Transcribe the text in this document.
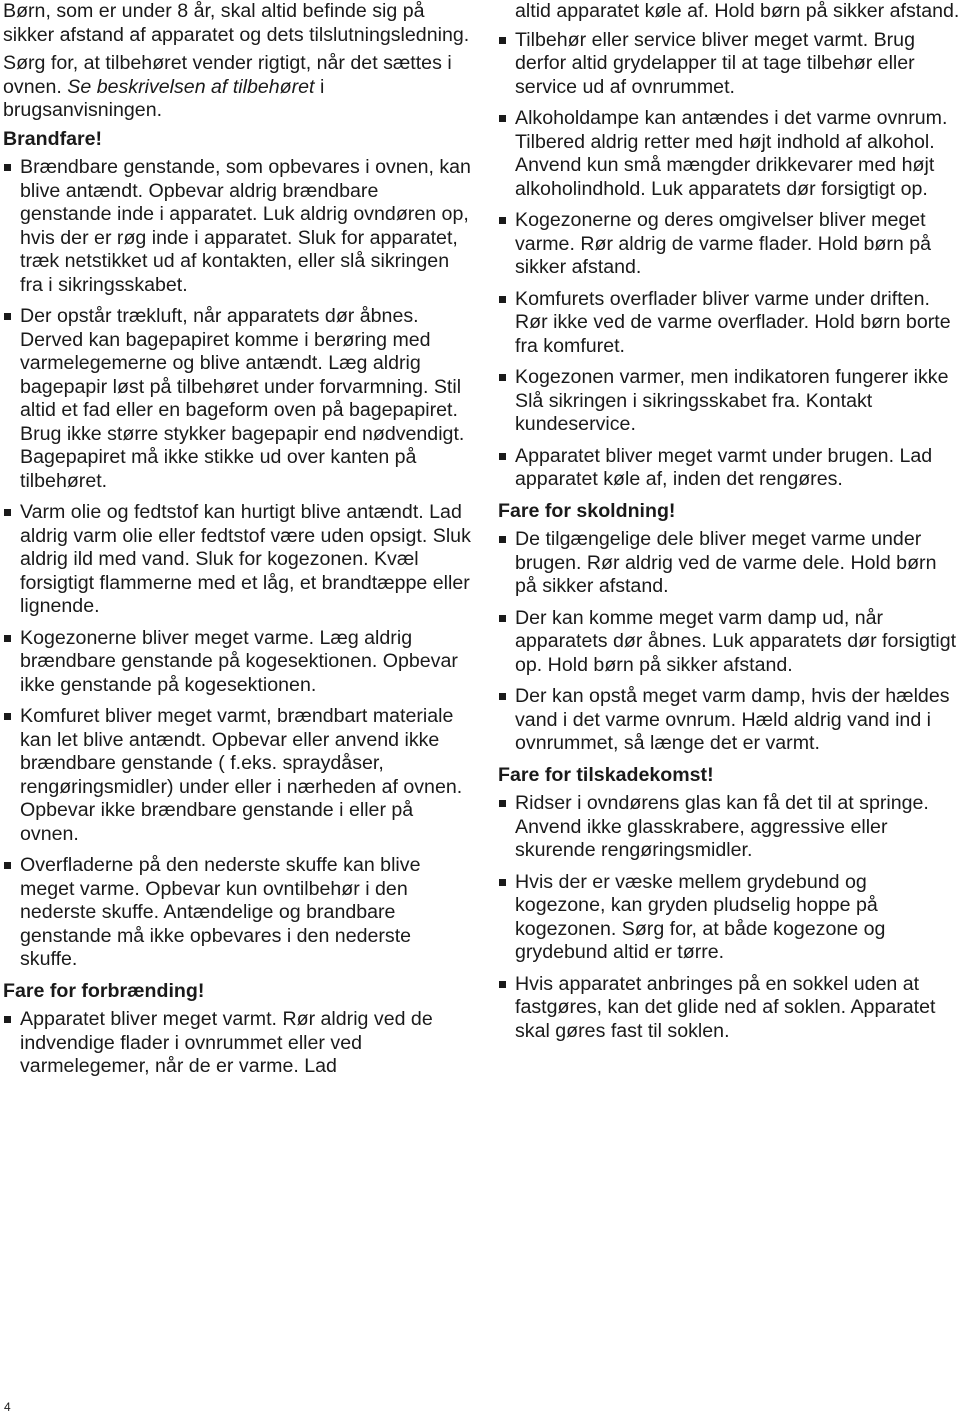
Børn, som er under 8 år, skal altid befinde sig på sikker afstand af apparatet og dets tilslutningsledning.

Sørg for, at tilbehøret vender rigtigt, når det sættes i ovnen. Se beskrivelsen af tilbehøret i brugsanvisningen.

Brandfare!

Brændbare genstande, som opbevares i ovnen, kan blive antændt. Opbevar aldrig brændbare genstande inde i apparatet. Luk aldrig ovndøren op, hvis der er røg inde i apparatet. Sluk for apparatet, træk netstikket ud af kontakten, eller slå sikringen fra i sikringsskabet.
Der opstår trækluft, når apparatets dør åbnes. Derved kan bagepapiret komme i berøring med varmelegemerne og blive antændt. Læg aldrig bagepapir løst på tilbehøret under forvarmning. Stil altid et fad eller en bageform oven på bagepapiret. Brug ikke større stykker bagepapir end nødvendigt. Bagepapiret må ikke stikke ud over kanten på tilbehøret.
Varm olie og fedtstof kan hurtigt blive antændt. Lad aldrig varm olie eller fedtstof være uden opsigt. Sluk aldrig ild med vand. Sluk for kogezonen. Kvæl forsigtigt flammerne med et låg, et brandtæppe eller lignende.
Kogezonerne bliver meget varme. Læg aldrig brændbare genstande på kogesektionen. Opbevar ikke genstande på kogesektionen.
Komfuret bliver meget varmt, brændbart materiale kan let blive antændt. Opbevar eller anvend ikke brændbare genstande ( f.eks. spraydåser, rengøringsmidler) under eller i nærheden af ovnen. Opbevar ikke brændbare genstande i eller på ovnen.
Overfladerne på den nederste skuffe kan blive meget varme. Opbevar kun ovntilbehør i den nederste skuffe. Antændelige og brandbare genstande må ikke opbevares i den nederste skuffe.

Fare for forbrænding!

Apparatet bliver meget varmt. Rør aldrig ved de indvendige flader i ovnrummet eller ved varmelegemer, når de er varme. Lad

altid apparatet køle af. Hold børn på sikker afstand.

Tilbehør eller service bliver meget varmt. Brug derfor altid grydelapper til at tage tilbehør eller service ud af ovnrummet.
Alkoholdampe kan antændes i det varme ovnrum. Tilbered aldrig retter med højt indhold af alkohol. Anvend kun små mængder drikkevarer med højt alkoholindhold. Luk apparatets dør forsigtigt op.
Kogezonerne og deres omgivelser bliver meget varme. Rør aldrig de varme flader. Hold børn på sikker afstand.
Komfurets overflader bliver varme under driften. Rør ikke ved de varme overflader. Hold børn borte fra komfuret.
Kogezonen varmer, men indikatoren fungerer ikke Slå sikringen i sikringsskabet fra. Kontakt kundeservice.
Apparatet bliver meget varmt under brugen. Lad apparatet køle af, inden det rengøres.

Fare for skoldning!

De tilgængelige dele bliver meget varme under brugen. Rør aldrig ved de varme dele. Hold børn på sikker afstand.
Der kan komme meget varm damp ud, når apparatets dør åbnes. Luk apparatets dør forsigtigt op. Hold børn på sikker afstand.
Der kan opstå meget varm damp, hvis der hældes vand i det varme ovnrum. Hæld aldrig vand ind i ovnrummet, så længe det er varmt.

Fare for tilskadekomst!

Ridser i ovndørens glas kan få det til at springe. Anvend ikke glasskrabere, aggressive eller skurende rengøringsmidler.
Hvis der er væske mellem grydebund og kogezone, kan gryden pludselig hoppe på kogezonen. Sørg for, at både kogezone og grydebund altid er tørre.
Hvis apparatet anbringes på en sokkel uden at fastgøres, kan det glide ned af soklen. Apparatet skal gøres fast til soklen.
4
